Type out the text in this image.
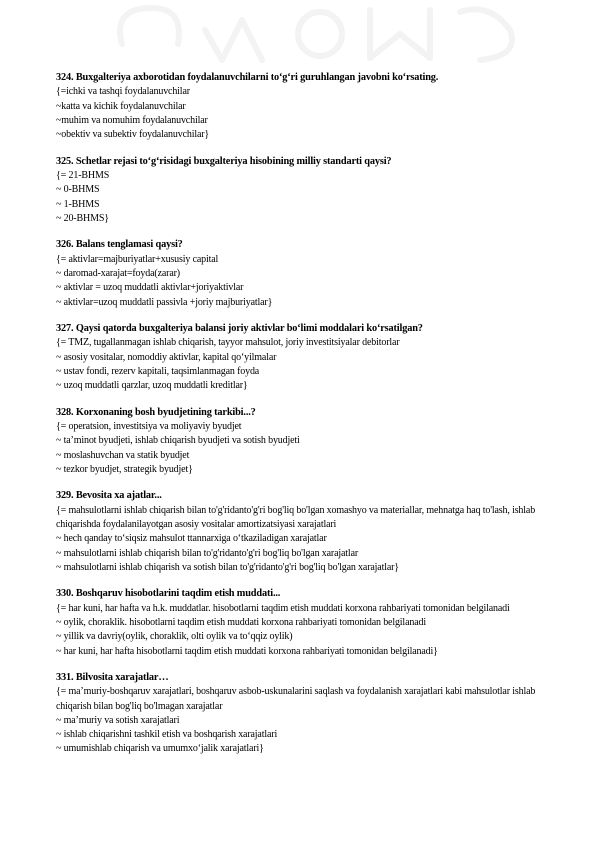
324. Buxgalteriya axborotidan foydalanuvchilarni to‘g‘ri guruhlangan javobni ko‘rsating.
{=ichki va tashqi foydalanuvchilar
~katta va kichik foydalanuvchilar
~muhim va nomuhim foydalanuvchilar
~obektiv va subektiv foydalanuvchilar}
325. Schetlar rejasi to‘g‘risidagi buxgalteriya hisobining milliy standarti qaysi?
{= 21-BHMS
~ 0-BHMS
~ 1-BHMS
~ 20-BHMS}
326. Balans tenglamasi qaysi?
{= aktivlar=majburiyatlar+xususiy capital
~ daromad-xarajat=foyda(zarar)
~ aktivlar = uzoq muddatli aktivlar+joriyaktivlar
~ aktivlar=uzoq muddatli passivla +joriy majburiyatlar}
327. Qaysi qatorda buxgalteriya balansi joriy aktivlar bo‘limi moddalari ko‘rsatilgan?
{= TMZ, tugallanmagan ishlab chiqarish, tayyor mahsulot, joriy investitsiyalar debitorlar
~ asosiy vositalar, nomoddiy aktivlar, kapital qo‘yilmalar
~ ustav fondi, rezerv kapitali, taqsimlanmagan foyda
~ uzoq muddatli qarzlar, uzoq muddatli kreditlar}
328. Korxonaning bosh byudjetining tarkibi...?
{= operatsion, investitsiya va moliyaviy byudjet
~ ta’minot byudjeti, ishlab chiqarish byudjeti va sotish byudjeti
~ moslashuvchan va statik byudjet
~ tezkor byudjet, strategik byudjet}
329. Bevosita xa ajatlar...
{= mahsulotlarni ishlab chiqarish bilan to'g'ridanto'g'ri bog'liq bo'lgan xomashyo va materiallar, mehnatga haq to'lash, ishlab chiqarishda foydalanilayotgan asosiy vositalar amortizatsiyasi xarajatlari
~ hech qanday to‘siqsiz mahsulot ttannarxiga o‘tkaziladigan xarajatlar
~ mahsulotlarni ishlab chiqarish bilan to'g'ridanto'g'ri bog'liq bo'lgan xarajatlar
~ mahsulotlarni ishlab chiqarish va sotish bilan to'g'ridanto'g'ri bog'liq bo'lgan xarajatlar}
330. Boshqaruv hisobotlarini taqdim etish muddati...
{= har kuni, har hafta va h.k. muddatlar. hisobotlarni taqdim etish muddati korxona rahbariyati tomonidan belgilanadi
~ oylik, choraklik. hisobotlarni taqdim etish muddati korxona rahbariyati tomonidan belgilanadi
~ yillik va davriy(oylik, choraklik, olti oylik va to‘qqiz oylik)
~ har kuni, har hafta hisobotlarni taqdim etish muddati korxona rahbariyati tomonidan belgilanadi}
331. Bilvosita xarajatlar…
{= ma’muriy-boshqaruv xarajatlari, boshqaruv asbob-uskunalarini saqlash va foydalanish xarajatlari kabi mahsulotlar ishlab chiqarish bilan bog'liq bo'lmagan xarajatlar
~ ma’muriy va sotish xarajatlari
~ ishlab chiqarishni tashkil etish va boshqarish xarajatlari
~ umumishlab chiqarish va umumxo‘jalik xarajatlari}
